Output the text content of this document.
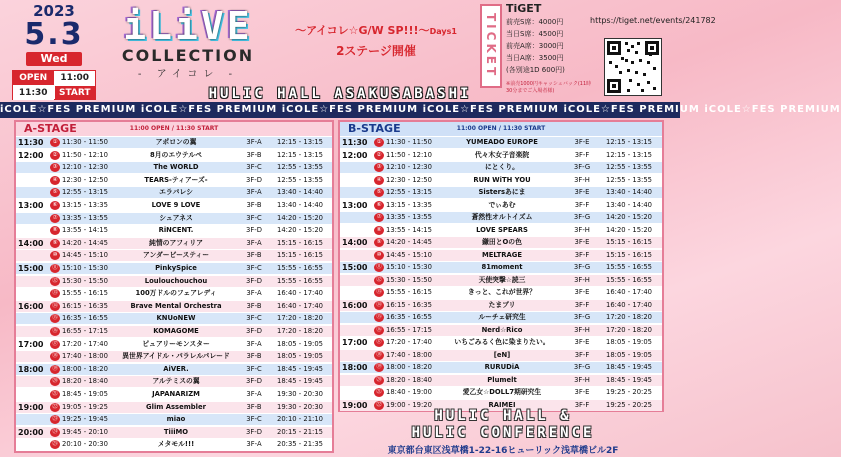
2023
5.3
Wed
OPEN	11:00
11:30	START
iLiVE
COLLECTION
- アイコレ -
～アイコレ☆G/W SP!!!～Days1
2ステージ開催	TICKET
TiGET
前売S席：4000円
当日S席：4500円
前売A席：3000円
当日A席：3500円
(各別途1D 600円)
※前売1000円キャッシュバック(11時30分までご入場者様)
https://tiget.net/events/241782
HULIC HALL ASAKUSABASHI
iCOLE☆FES PREMIUM iCOLE☆FES PREMIUM iCOLE☆FES PREMIUM iCOLE☆FES PREMIUM iCOLE☆FES PREMIUM iCOLE☆FES PREMIUM
11:00 OPEN / 11:30 START
A-STAGE
11:30	① 11:30 - 11:50	アポロンの翼	3F-A	12:15 - 13:15
12:00	② 11:50 - 12:10	8月のエウテルペ	3F-B	12:15 - 13:15
③ 12:10 - 12:30	The WORLD	3F-C	12:55 - 13:55
④ 12:30 - 12:50	TEARS-ティアーズ-	3F-D	12:55 - 13:55
⑤ 12:55 - 13:15	エラバレシ	3F-A	13:40 - 14:40
13:00	⑥ 13:15 - 13:35	LOVE 9 LOVE	3F-B	13:40 - 14:40
⑦ 13:35 - 13:55	シュアネス	3F-C	14:20 - 15:20
⑧ 13:55 - 14:15	RiNCENT.	3F-D	14:20 - 15:20
14:00	⑨ 14:20 - 14:45	純情のアフィリア	3F-A	15:15 - 16:15
⑩ 14:45 - 15:10	アンダービースティー	3F-B	15:15 - 16:15
15:00	⑪ 15:10 - 15:30	PinkySpice	3F-C	15:55 - 16:55
⑫ 15:30 - 15:50	Loulouchouchou	3F-D	15:55 - 16:55
⑬ 15:55 - 16:15	100万ドルのフェアレディ	3F-A	16:40 - 17:40
16:00	⑭ 16:15 - 16:35	Brave Mental Orchestra	3F-B	16:40 - 17:40
⑮ 16:35 - 16:55	KNUoNEW	3F-C	17:20 - 18:20
⑯ 16:55 - 17:15	KOMAGOME	3F-D	17:20 - 18:20
17:00	⑰ 17:20 - 17:40	ピュアリーモンスター	3F-A	18:05 - 19:05
⑱ 17:40 - 18:00	異世界アイドル・パラレルパレード	3F-B	18:05 - 19:05
18:00	⑲ 18:00 - 18:20	AiVER.	3F-C	18:45 - 19:45
⑳ 18:20 - 18:40	アルテミスの翼	3F-D	18:45 - 19:45
㉑ 18:45 - 19:05	JAPANARIZM	3F-A	19:30 - 20:30
19:00	㉒ 19:05 - 19:25	Glim Assembler	3F-B	19:30 - 20:30
㉓ 19:25 - 19:45	miao	3F-C	20:10 - 21:10
20:00	㉔ 19:45 - 20:10	TiiiMO	3F-D	20:15 - 21:15
㉕ 20:10 - 20:30	メタモル!!!	3F-A	20:35 - 21:35
11:00 OPEN / 11:30 START
B-STAGE
11:30	① 11:30 - 11:50	YUMEADO EUROPE	3F-E	12:15 - 13:15
12:00	② 11:50 - 12:10	代々木女子音楽院	3F-F	12:15 - 13:15
③ 12:10 - 12:30	にとくり。	3F-G	12:55 - 13:55
④ 12:30 - 12:50	RUN WiTH YOU	3F-H	12:55 - 13:55
⑤ 12:55 - 13:15	Sistersあにま	3F-E	13:40 - 14:40
13:00	⑥ 13:15 - 13:35	でぃあむ	3F-F	13:40 - 14:40
⑦ 13:35 - 13:55	蒼然性オルトイズム	3F-G	14:20 - 15:20
⑧ 13:55 - 14:15	LOVE SPEARS	3F-H	14:20 - 15:20
14:00	⑨ 14:20 - 14:45	鎌田とOの色	3F-E	15:15 - 16:15
⑩ 14:45 - 15:10	MELTRAGE	3F-F	15:15 - 16:15
15:00	⑪ 15:10 - 15:30	81moment	3F-G	15:55 - 16:55
⑫ 15:30 - 15:50	天使突撃☆読三	3F-H	15:55 - 16:55
⑬ 15:55 - 16:15	きっと、これが世界？	3F-E	16:40 - 17:40
16:00	⑭ 16:15 - 16:35	たまプリ	3F-F	16:40 - 17:40
⑮ 16:35 - 16:55	ルーチェ研究生	3F-G	17:20 - 18:20
⑯ 16:55 - 17:15	Nerd☆Rico	3F-H	17:20 - 18:20
17:00	⑰ 17:20 - 17:40	いちごみるく色に染まりたい。	3F-E	18:05 - 19:05
⑱ 17:40 - 18:00	[eN]	3F-F	18:05 - 19:05
18:00	⑲ 18:00 - 18:20	RURUDiA	3F-G	18:45 - 19:45
⑳ 18:20 - 18:40	Plumelt	3F-H	18:45 - 19:45
㉑ 18:40 - 19:00	愛乙女☆DOLL7期研究生	3F-E	19:25 - 20:25
19:00	㉒ 19:00 - 19:20	RAIMEI	3F-F	19:25 - 20:25
HULIC HALL &
HULIC CONFERENCE
東京都台東区浅草橋1-22-16ヒューリック浅草橋ビル2F
